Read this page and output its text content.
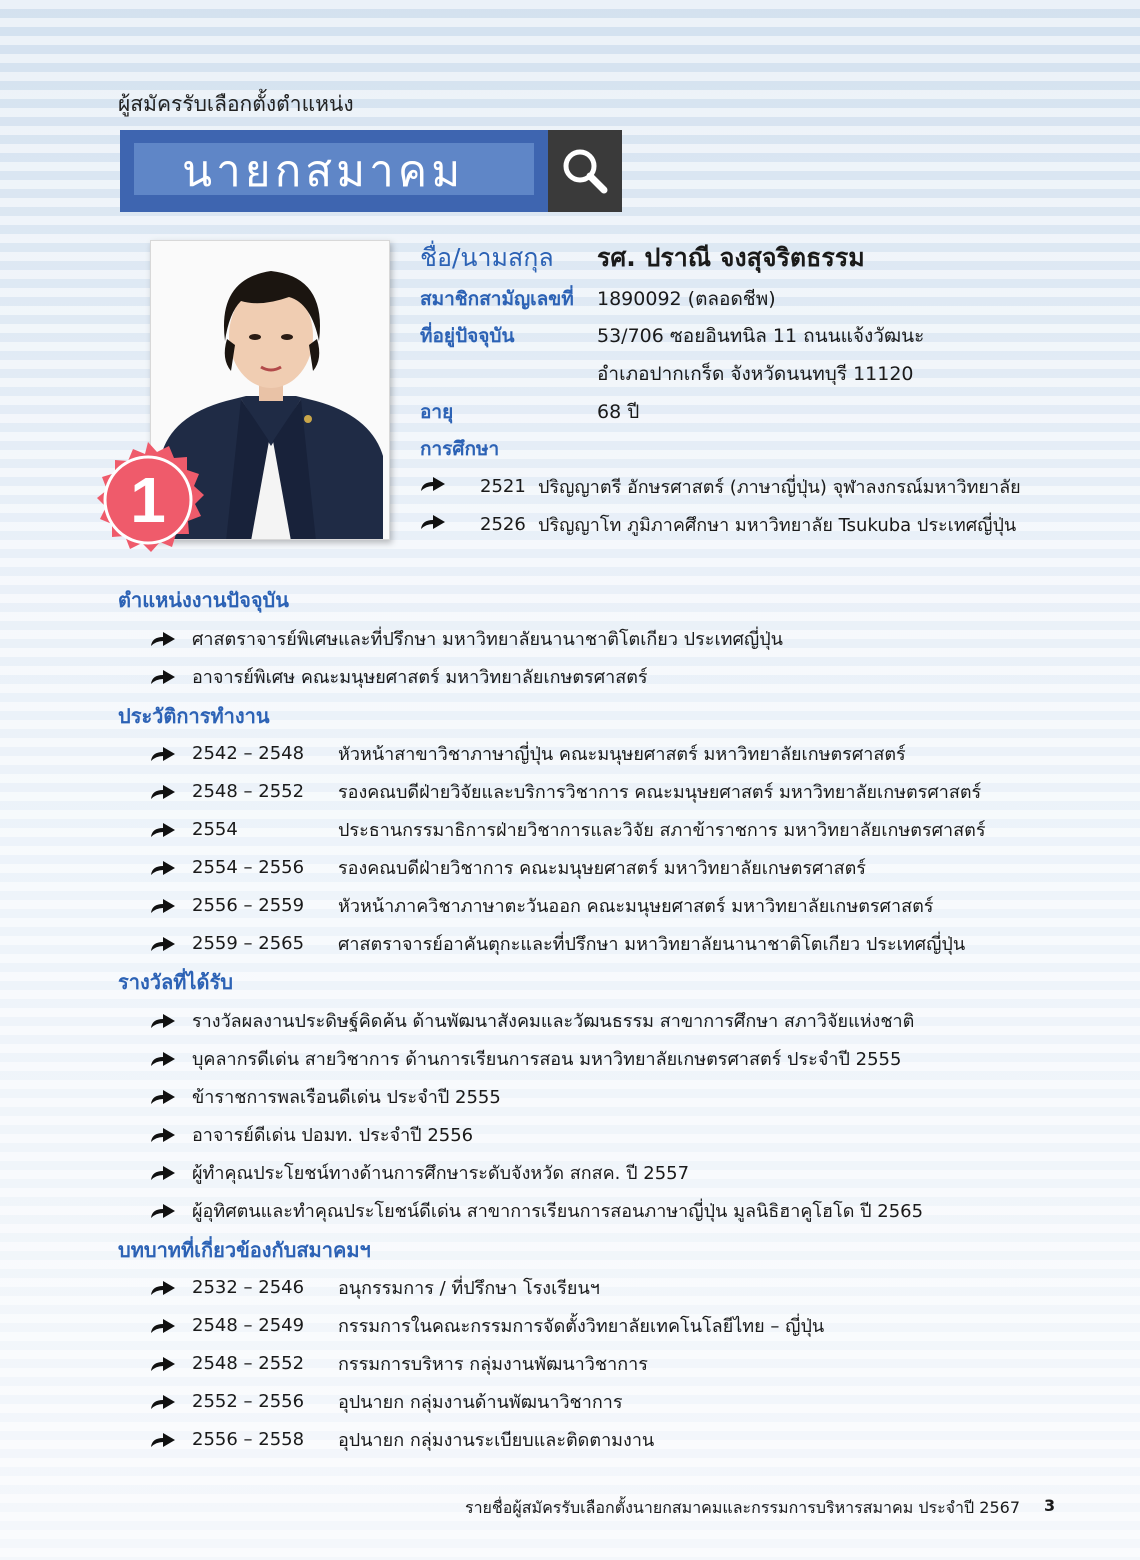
ผู้สมัครรับเลือกตั้งตำแหน่ง
นายกสมาคม
1
ชื่อ/นามสกุล รศ. ปราณี จงสุจริตธรรม
สมาชิกสามัญเลขที่ 1890092 (ตลอดชีพ)
ที่อยู่ปัจจุบัน	53/706 ซอยอินทนิล 11 ถนนแจ้งวัฒนะ
อำเภอปากเกร็ด จังหวัดนนทบุรี 11120
อายุ	68 ปี
การศึกษา
2521 ปริญญาตรี อักษรศาสตร์ (ภาษาญี่ปุ่น) จุฬาลงกรณ์มหาวิทยาลัย
2526 ปริญญาโท ภูมิภาคศึกษา มหาวิทยาลัย Tsukuba ประเทศญี่ปุ่น
ตำแหน่งงานปัจจุบัน
ศาสตราจารย์พิเศษและที่ปรึกษา มหาวิทยาลัยนานาชาติโตเกียว ประเทศญี่ปุ่น
อาจารย์พิเศษ คณะมนุษยศาสตร์ มหาวิทยาลัยเกษตรศาสตร์
ประวัติการทำงาน
2542 – 2548	หัวหน้าสาขาวิชาภาษาญี่ปุ่น คณะมนุษยศาสตร์ มหาวิทยาลัยเกษตรศาสตร์
2548 – 2552	รองคณบดีฝ่ายวิจัยและบริการวิชาการ คณะมนุษยศาสตร์ มหาวิทยาลัยเกษตรศาสตร์
2554	ประธานกรรมาธิการฝ่ายวิชาการและวิจัย สภาข้าราชการ มหาวิทยาลัยเกษตรศาสตร์
2554 – 2556	รองคณบดีฝ่ายวิชาการ คณะมนุษยศาสตร์ มหาวิทยาลัยเกษตรศาสตร์
2556 – 2559	หัวหน้าภาควิชาภาษาตะวันออก คณะมนุษยศาสตร์ มหาวิทยาลัยเกษตรศาสตร์
2559 – 2565	ศาสตราจารย์อาคันตุกะและที่ปรึกษา มหาวิทยาลัยนานาชาติโตเกียว ประเทศญี่ปุ่น
รางวัลที่ได้รับ
รางวัลผลงานประดิษฐ์คิดค้น ด้านพัฒนาสังคมและวัฒนธรรม สาขาการศึกษา สภาวิจัยแห่งชาติ
บุคลากรดีเด่น สายวิชาการ ด้านการเรียนการสอน มหาวิทยาลัยเกษตรศาสตร์ ประจำปี 2555
ข้าราชการพลเรือนดีเด่น ประจำปี 2555
อาจารย์ดีเด่น ปอมท. ประจำปี 2556
ผู้ทำคุณประโยชน์ทางด้านการศึกษาระดับจังหวัด สกสค. ปี 2557
ผู้อุทิศตนและทำคุณประโยชน์ดีเด่น สาขาการเรียนการสอนภาษาญี่ปุ่น มูลนิธิฮาคูโฮโด ปี 2565
บทบาทที่เกี่ยวข้องกับสมาคมฯ
2532 – 2546	อนุกรรมการ / ที่ปรึกษา โรงเรียนฯ
2548 – 2549	กรรมการในคณะกรรมการจัดตั้งวิทยาลัยเทคโนโลยีไทย – ญี่ปุ่น
2548 – 2552	กรรมการบริหาร กลุ่มงานพัฒนาวิชาการ
2552 – 2556	อุปนายก กลุ่มงานด้านพัฒนาวิชาการ
2556 – 2558	อุปนายก กลุ่มงานระเบียบและติดตามงาน
รายชื่อผู้สมัครรับเลือกตั้งนายกสมาคมและกรรมการบริหารสมาคม ประจำปี 2567 3
